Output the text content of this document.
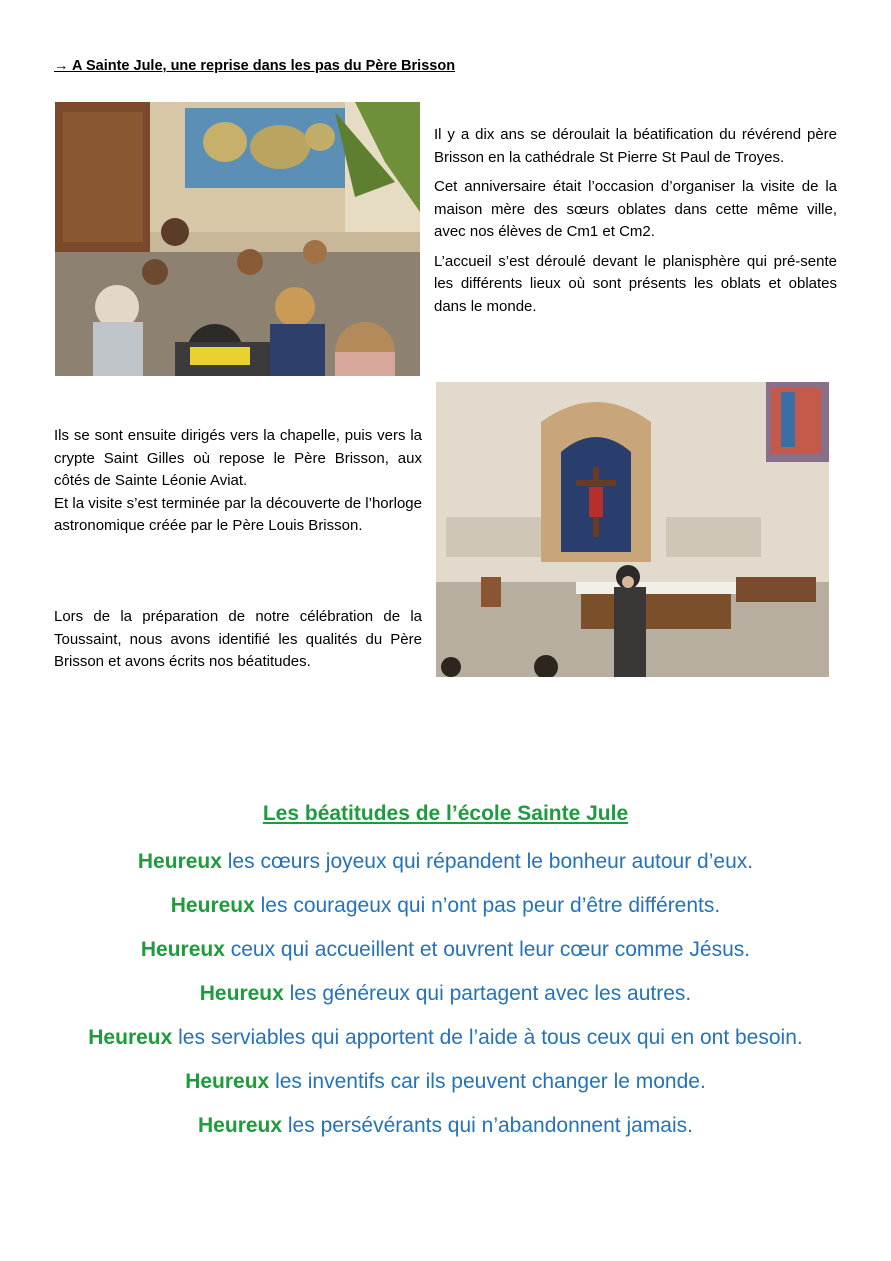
→ A Sainte Jule, une reprise dans les pas du Père Brisson

Il y a dix ans se déroulait la béatification du révérend père Brisson en la cathédrale St Pierre St Paul de Troyes.

Cet anniversaire était l’occasion d’organiser la visite de la maison mère des sœurs oblates dans cette même ville, avec nos élèves de Cm1 et Cm2.

L’accueil s’est déroulé devant le planisphère qui pré-sente les différents lieux où sont présents les oblats et oblates dans le monde.

Ils se sont ensuite dirigés vers la chapelle, puis vers la crypte Saint Gilles où repose le Père Brisson, aux côtés de Sainte Léonie Aviat.

Et la visite s’est terminée par la découverte de l’horloge astronomique créée par le Père Louis Brisson.

Lors de la préparation de notre célébration de la Toussaint, nous avons identifié les qualités du Père Brisson et avons écrits nos béatitudes.

Les béatitudes de l’école Sainte Jule
Heureux les cœurs joyeux qui répandent le bonheur autour d’eux.
Heureux les courageux qui n’ont pas peur d’être différents.
Heureux ceux qui accueillent et ouvrent leur cœur comme Jésus.
Heureux les généreux qui partagent avec les autres.
Heureux les serviables qui apportent de l’aide à tous ceux qui en ont besoin.
Heureux les inventifs car ils peuvent changer le monde.
Heureux les persévérants qui n’abandonnent jamais.
